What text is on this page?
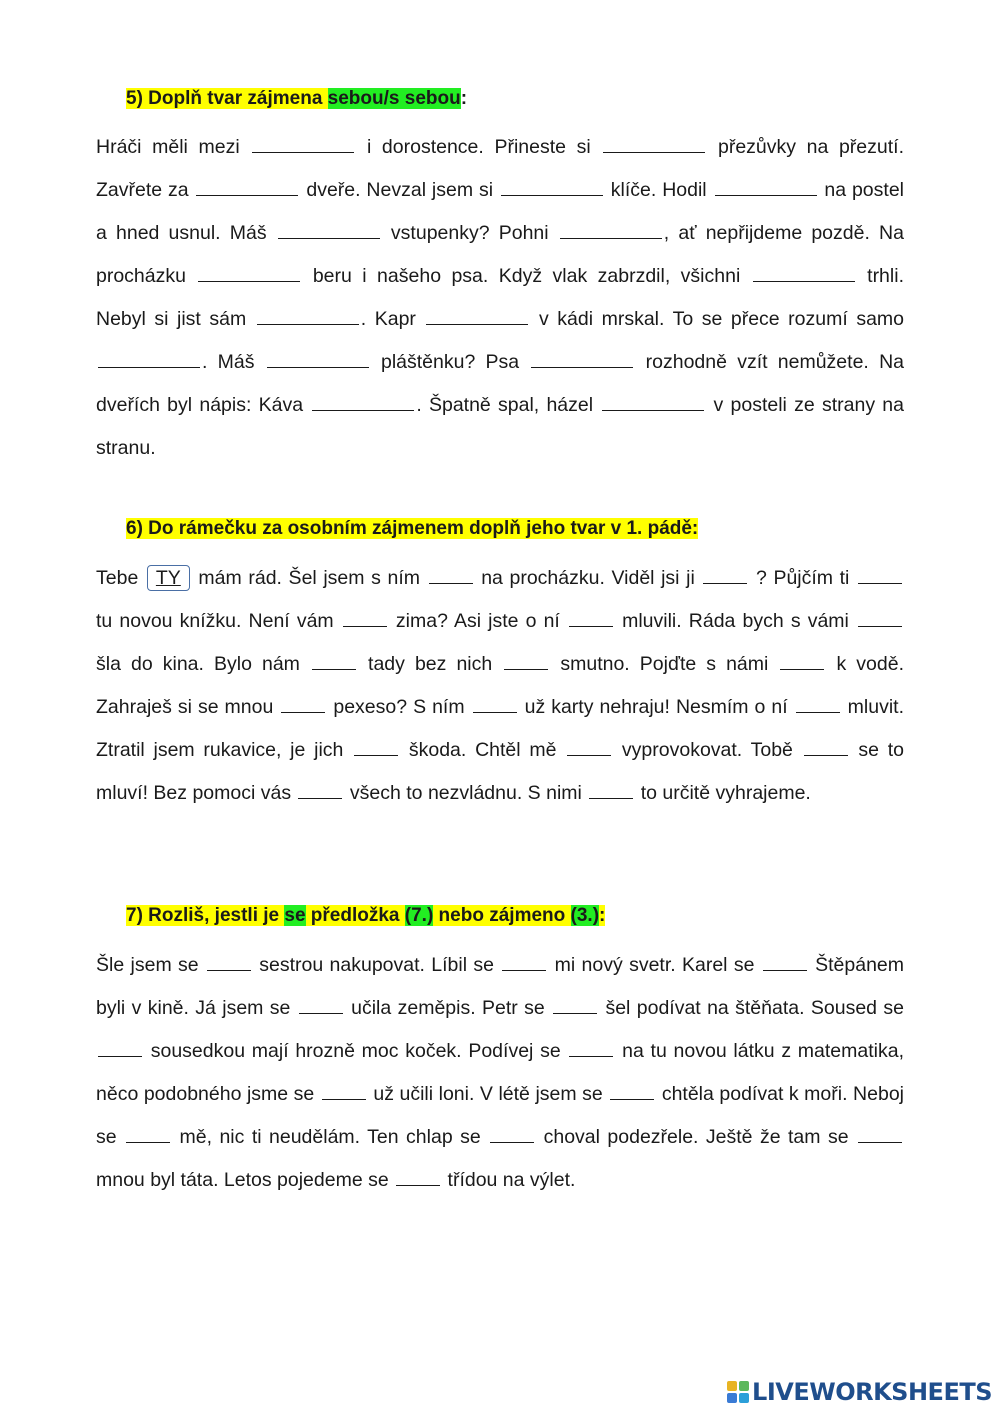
5) Doplň tvar zájmena sebou/s sebou:

Hráči měli mezi	i dorostence. Přineste si	přezůvky na přezutí. Zavřete za	dveře. Nevzal jsem si	klíče. Hodil	na postel a hned usnul. Máš	vstupenky? Pohni	, ať nepřijdeme pozdě. Na procházku	beru i našeho psa. Když vlak zabrzdil, všichni	trhli. Nebyl si jist sám	. Kapr	v kádi mrskal. To se přece rozumí samo . Máš	pláštěnku? Psa	rozhodně vzít nemůžete. Na dveřích byl nápis: Káva	. Špatně spal, házel	v posteli ze strany na stranu.

6) Do rámečku za osobním zájmenem doplň jeho tvar v 1. pádě:

Tebe TY mám rád. Šel jsem s ním  na procházku. Viděl jsi ji  ? Půjčím ti  tu novou knížku. Není vám  zima? Asi jste o ní  mluvili. Ráda bych s vámi  šla do kina. Bylo nám  tady bez nich  smutno. Pojďte s námi  k vodě. Zahraješ si se mnou  pexeso? S ním  už karty nehraju! Nesmím o ní  mluvit. Ztratil jsem rukavice, je jich  škoda. Chtěl mě  vyprovokovat. Tobě  se to mluví! Bez pomoci vás  všech to nezvládnu. S nimi  to určitě vyhrajeme.

7) Rozliš, jestli je se předložka (7.) nebo zájmeno (3.):

Šle jsem se  sestrou nakupovat. Líbil se  mi nový svetr. Karel se  Štěpánem byli v kině. Já jsem se  učila zeměpis. Petr se  šel podívat na štěňata. Soused se  sousedkou mají hrozně moc koček. Podívej se  na tu novou látku z matematika, něco podobného jsme se  už učili loni. V létě jsem se  chtěla podívat k moři. Neboj se  mě, nic ti neudělám. Ten chlap se  choval podezřele. Ještě že tam se  mnou byl táta. Letos pojedeme se  třídou na výlet.

LIVEWORKSHEETS
